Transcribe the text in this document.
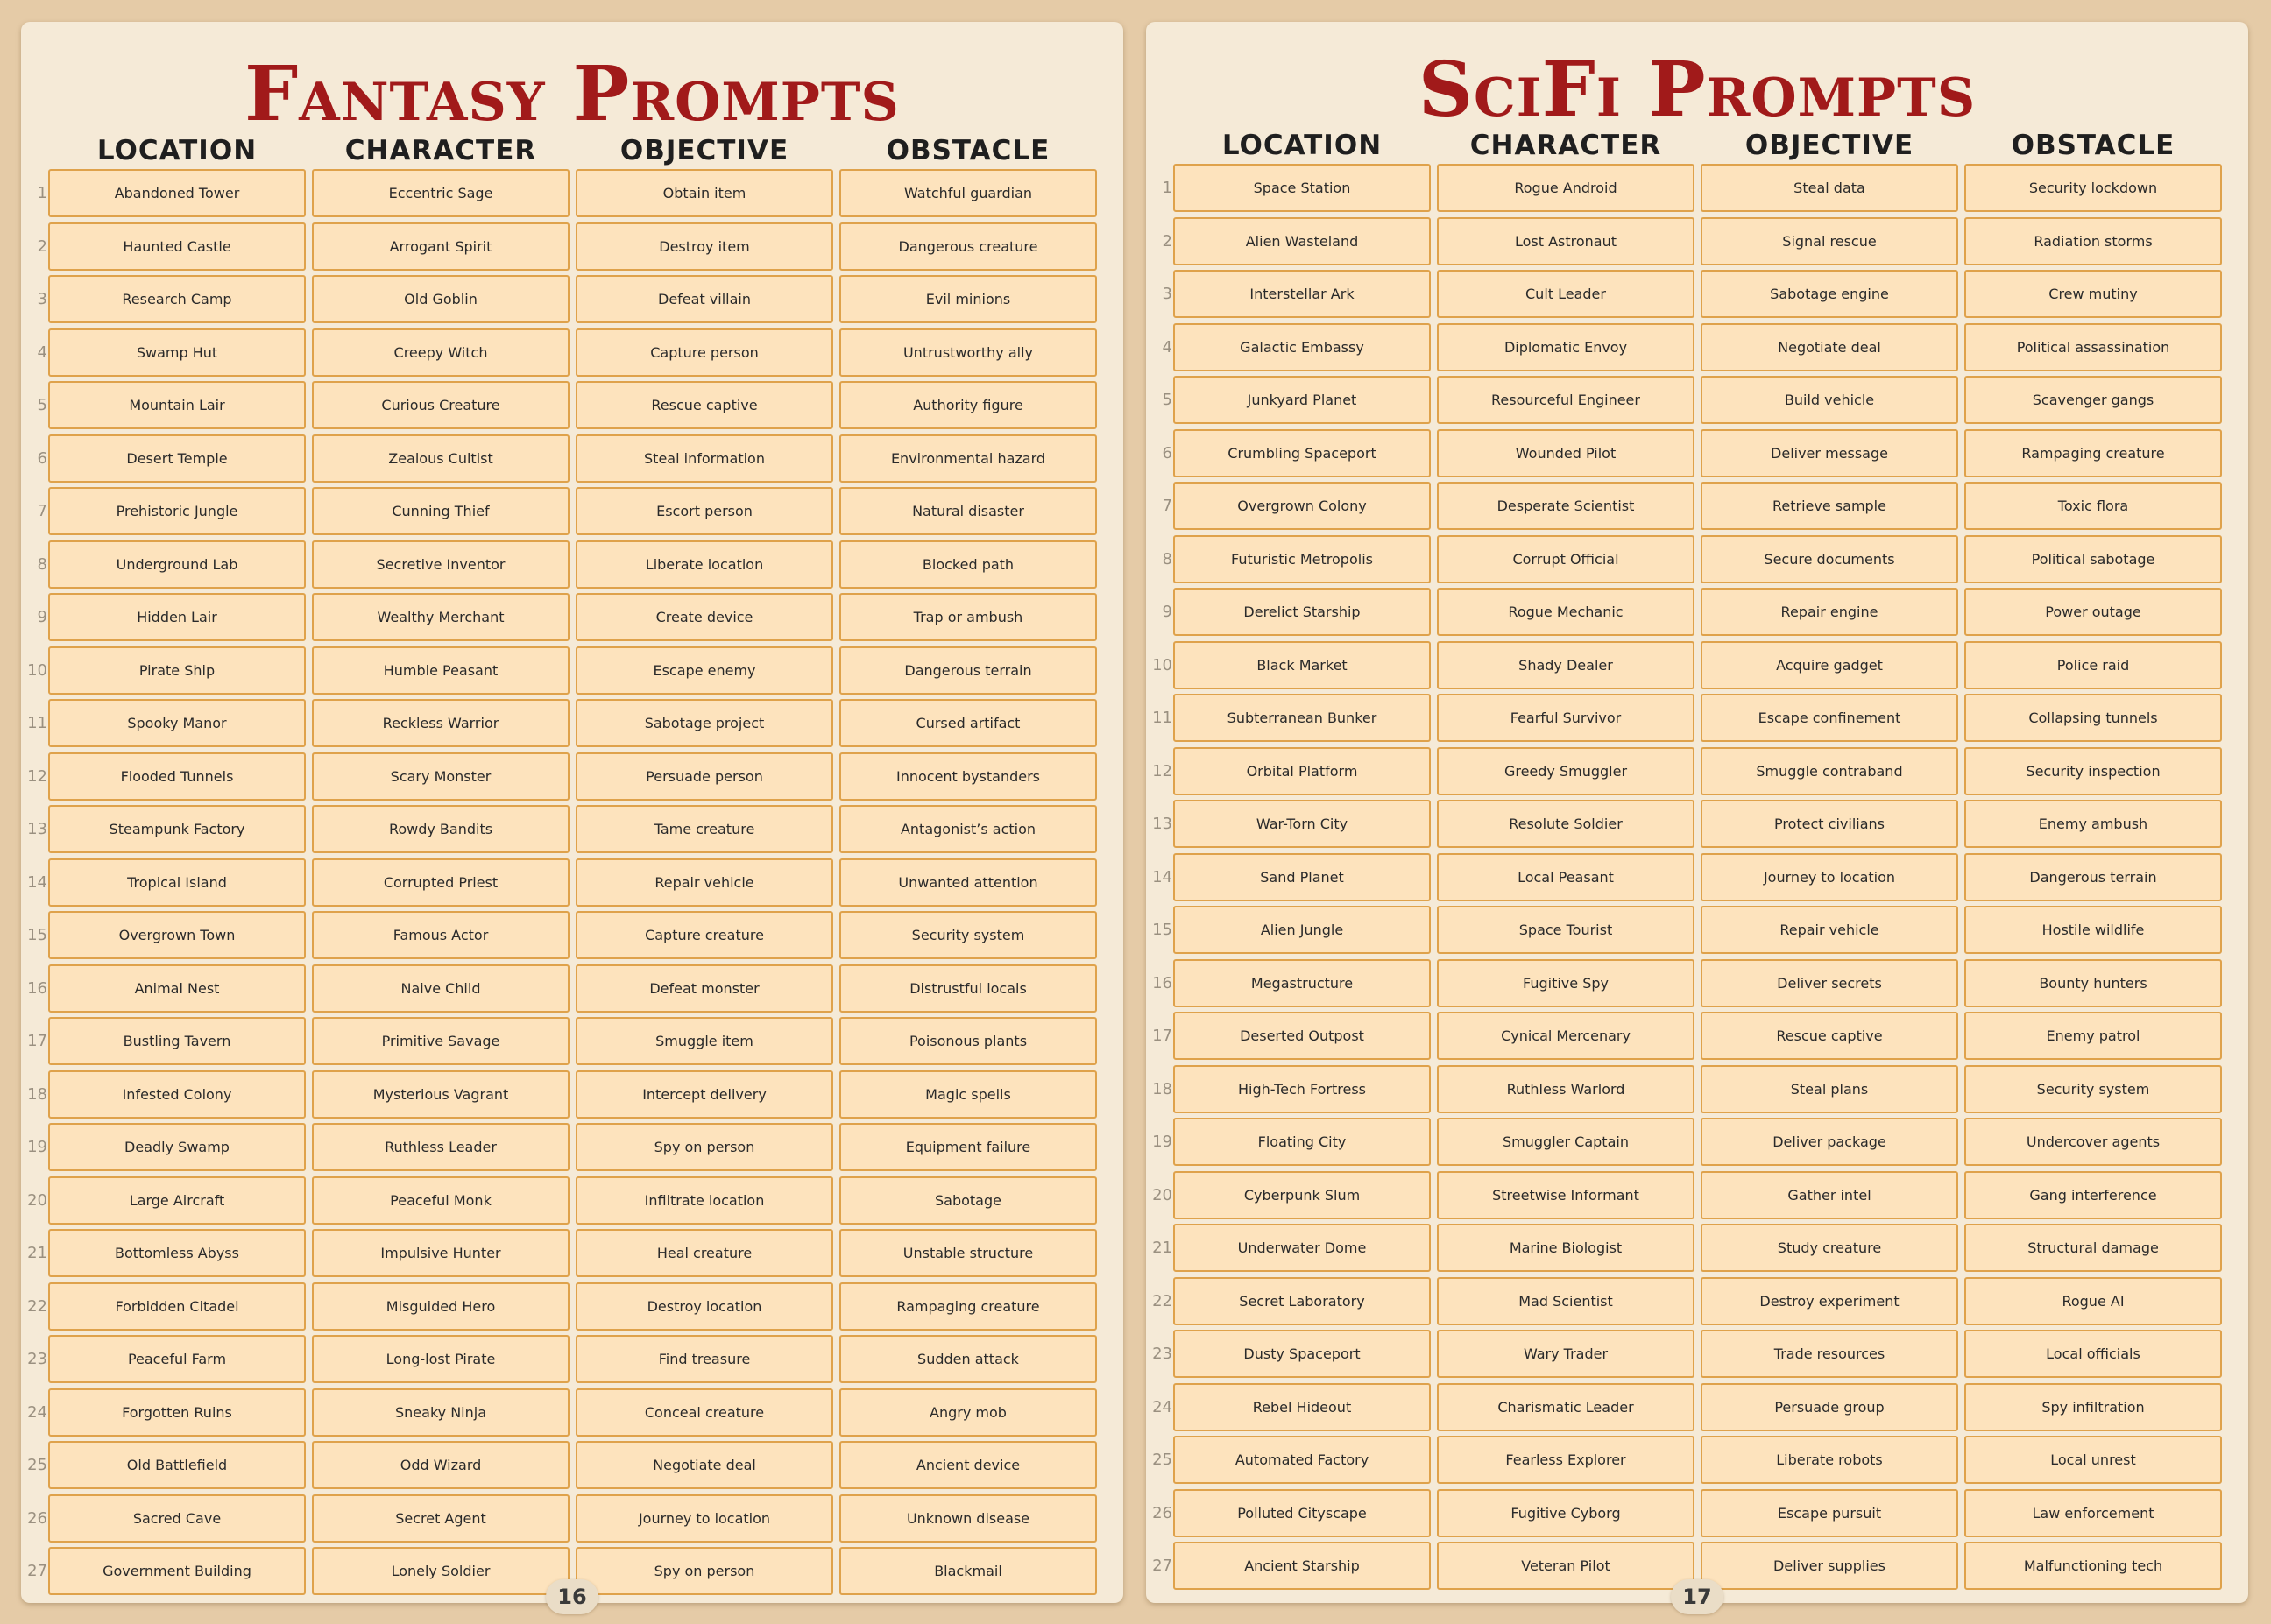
Fantasy Prompts
LOCATION	CHARACTER	OBJECTIVE	OBSTACLE
1	Abandoned Tower	Eccentric Sage	Obtain item	Watchful guardian
2	Haunted Castle	Arrogant Spirit	Destroy item	Dangerous creature
3	Research Camp	Old Goblin	Defeat villain	Evil minions
4	Swamp Hut	Creepy Witch	Capture person	Untrustworthy ally
5	Mountain Lair	Curious Creature	Rescue captive	Authority figure
6	Desert Temple	Zealous Cultist	Steal information	Environmental hazard
7	Prehistoric Jungle	Cunning Thief	Escort person	Natural disaster
8	Underground Lab	Secretive Inventor	Liberate location	Blocked path
9	Hidden Lair	Wealthy Merchant	Create device	Trap or ambush
10	Pirate Ship	Humble Peasant	Escape enemy	Dangerous terrain
11	Spooky Manor	Reckless Warrior	Sabotage project	Cursed artifact
12	Flooded Tunnels	Scary Monster	Persuade person	Innocent bystanders
13	Steampunk Factory	Rowdy Bandits	Tame creature	Antagonist’s action
14	Tropical Island	Corrupted Priest	Repair vehicle	Unwanted attention
15	Overgrown Town	Famous Actor	Capture creature	Security system
16	Animal Nest	Naive Child	Defeat monster	Distrustful locals
17	Bustling Tavern	Primitive Savage	Smuggle item	Poisonous plants
18	Infested Colony	Mysterious Vagrant	Intercept delivery	Magic spells
19	Deadly Swamp	Ruthless Leader	Spy on person	Equipment failure
20	Large Aircraft	Peaceful Monk	Infiltrate location	Sabotage
21	Bottomless Abyss	Impulsive Hunter	Heal creature	Unstable structure
22	Forbidden Citadel	Misguided Hero	Destroy location	Rampaging creature
23	Peaceful Farm	Long-lost Pirate	Find treasure	Sudden attack
24	Forgotten Ruins	Sneaky Ninja	Conceal creature	Angry mob
25	Old Battlefield	Odd Wizard	Negotiate deal	Ancient device
26	Sacred Cave	Secret Agent	Journey to location	Unknown disease
27	Government Building	Lonely Soldier	Spy on person	Blackmail
16
SciFi Prompts
LOCATION	CHARACTER	OBJECTIVE	OBSTACLE
1	Space Station	Rogue Android	Steal data	Security lockdown
2	Alien Wasteland	Lost Astronaut	Signal rescue	Radiation storms
3	Interstellar Ark	Cult Leader	Sabotage engine	Crew mutiny
4	Galactic Embassy	Diplomatic Envoy	Negotiate deal	Political assassination
5	Junkyard Planet	Resourceful Engineer	Build vehicle	Scavenger gangs
6	Crumbling Spaceport	Wounded Pilot	Deliver message	Rampaging creature
7	Overgrown Colony	Desperate Scientist	Retrieve sample	Toxic flora
8	Futuristic Metropolis	Corrupt Official	Secure documents	Political sabotage
9	Derelict Starship	Rogue Mechanic	Repair engine	Power outage
10	Black Market	Shady Dealer	Acquire gadget	Police raid
11	Subterranean Bunker	Fearful Survivor	Escape confinement	Collapsing tunnels
12	Orbital Platform	Greedy Smuggler	Smuggle contraband	Security inspection
13	War-Torn City	Resolute Soldier	Protect civilians	Enemy ambush
14	Sand Planet	Local Peasant	Journey to location	Dangerous terrain
15	Alien Jungle	Space Tourist	Repair vehicle	Hostile wildlife
16	Megastructure	Fugitive Spy	Deliver secrets	Bounty hunters
17	Deserted Outpost	Cynical Mercenary	Rescue captive	Enemy patrol
18	High-Tech Fortress	Ruthless Warlord	Steal plans	Security system
19	Floating City	Smuggler Captain	Deliver package	Undercover agents
20	Cyberpunk Slum	Streetwise Informant	Gather intel	Gang interference
21	Underwater Dome	Marine Biologist	Study creature	Structural damage
22	Secret Laboratory	Mad Scientist	Destroy experiment	Rogue AI
23	Dusty Spaceport	Wary Trader	Trade resources	Local officials
24	Rebel Hideout	Charismatic Leader	Persuade group	Spy infiltration
25	Automated Factory	Fearless Explorer	Liberate robots	Local unrest
26	Polluted Cityscape	Fugitive Cyborg	Escape pursuit	Law enforcement
27	Ancient Starship	Veteran Pilot	Deliver supplies	Malfunctioning tech
17
